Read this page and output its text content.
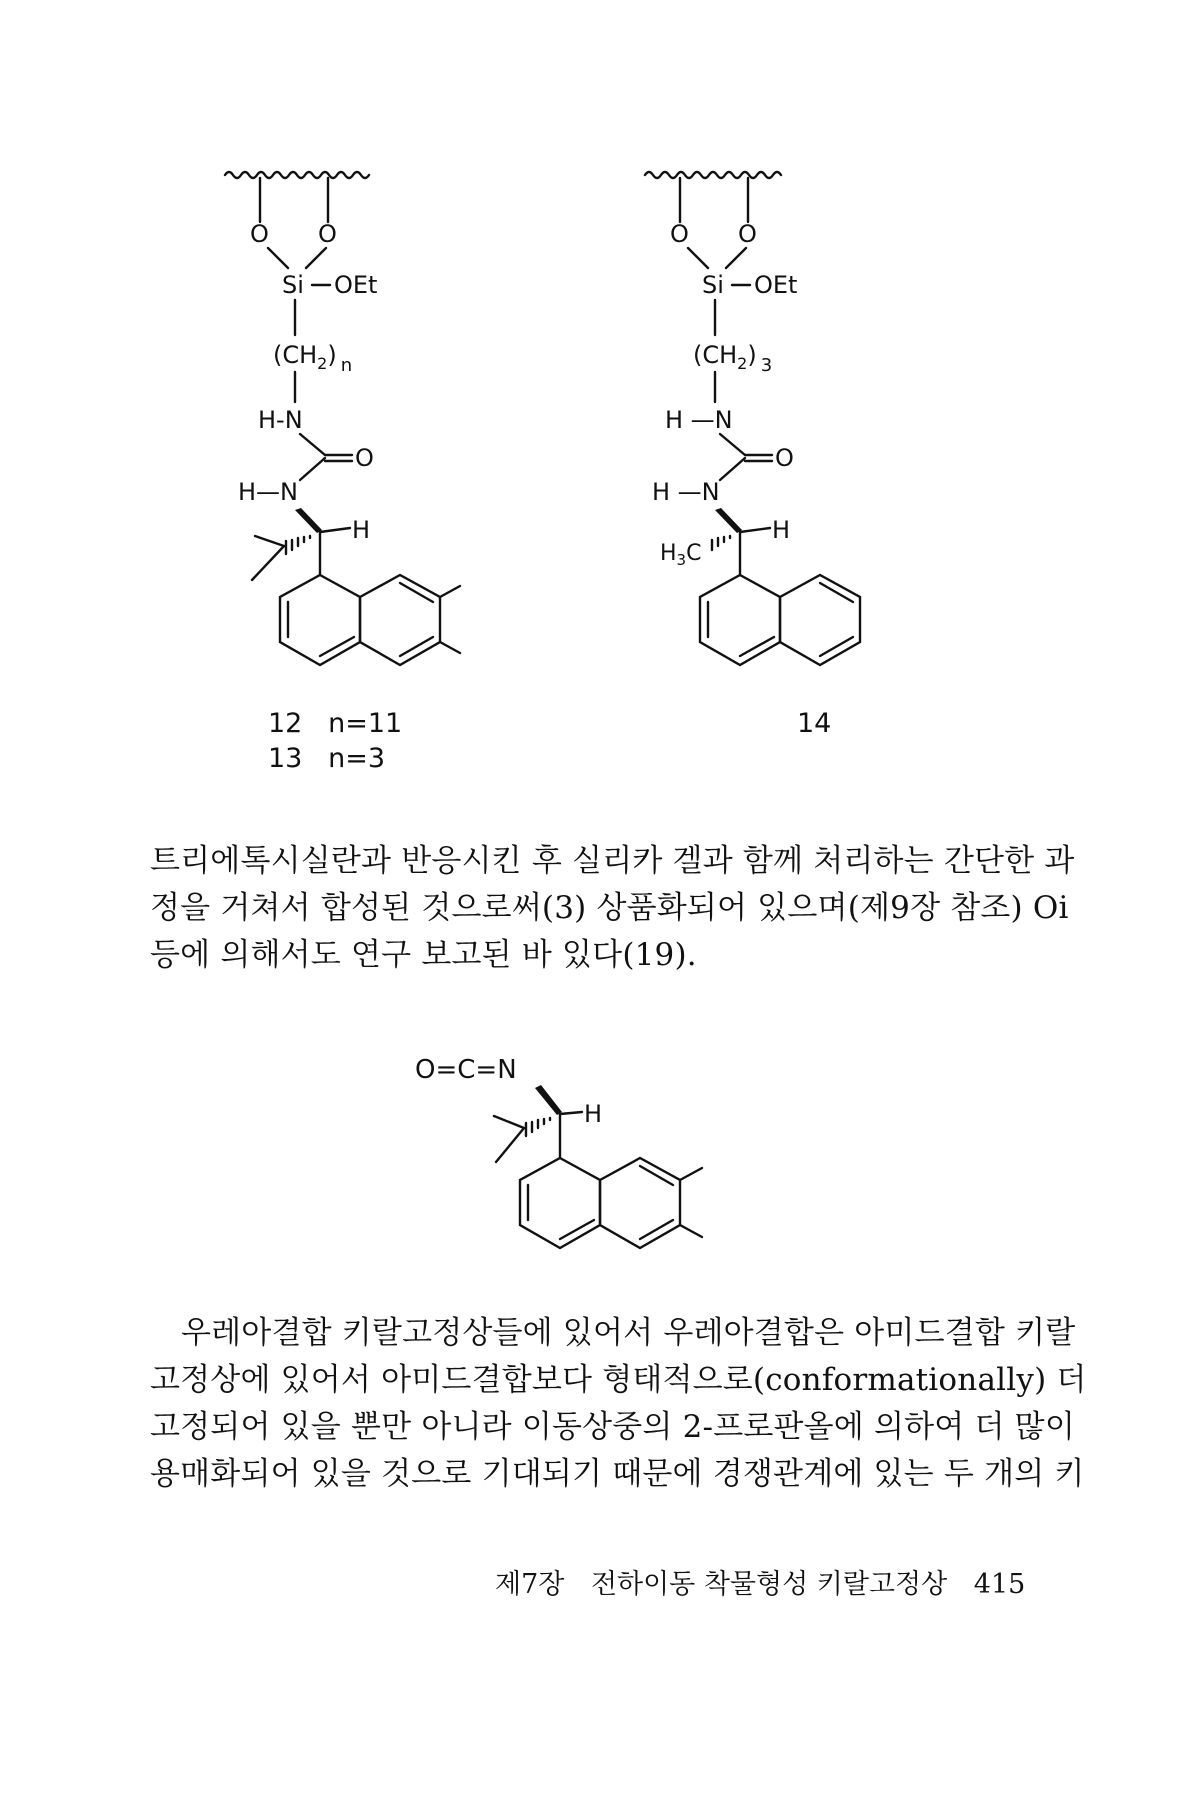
O O
Si OEt
$(CH_2)$ $_n$
H-N
O
H—N
H
O O
Si OEt
$(CH_2)$ $_3$
H —N
O
H —N
H
$H_3C$
12   n=11
13   n=3
14

트리에톡시실란과 반응시킨 후 실리카 겔과 함께 처리하는 간단한 과
정을 거쳐서 합성된 것으로써(3) 상품화되어 있으며(제9장 참조) Oi
등에 의해서도 연구 보고된 바 있다(19).

O=C=N
H

우레아결합 키랄고정상들에 있어서 우레아결합은 아미드결합 키랄
고정상에 있어서 아미드결합보다 형태적으로(conformationally) 더
고정되어 있을 뿐만 아니라 이동상중의 2-프로판올에 의하여 더 많이
용매화되어 있을 것으로 기대되기 때문에 경쟁관계에 있는 두 개의 키

제7장 전하이동 착물형성 키랄고정상 415
